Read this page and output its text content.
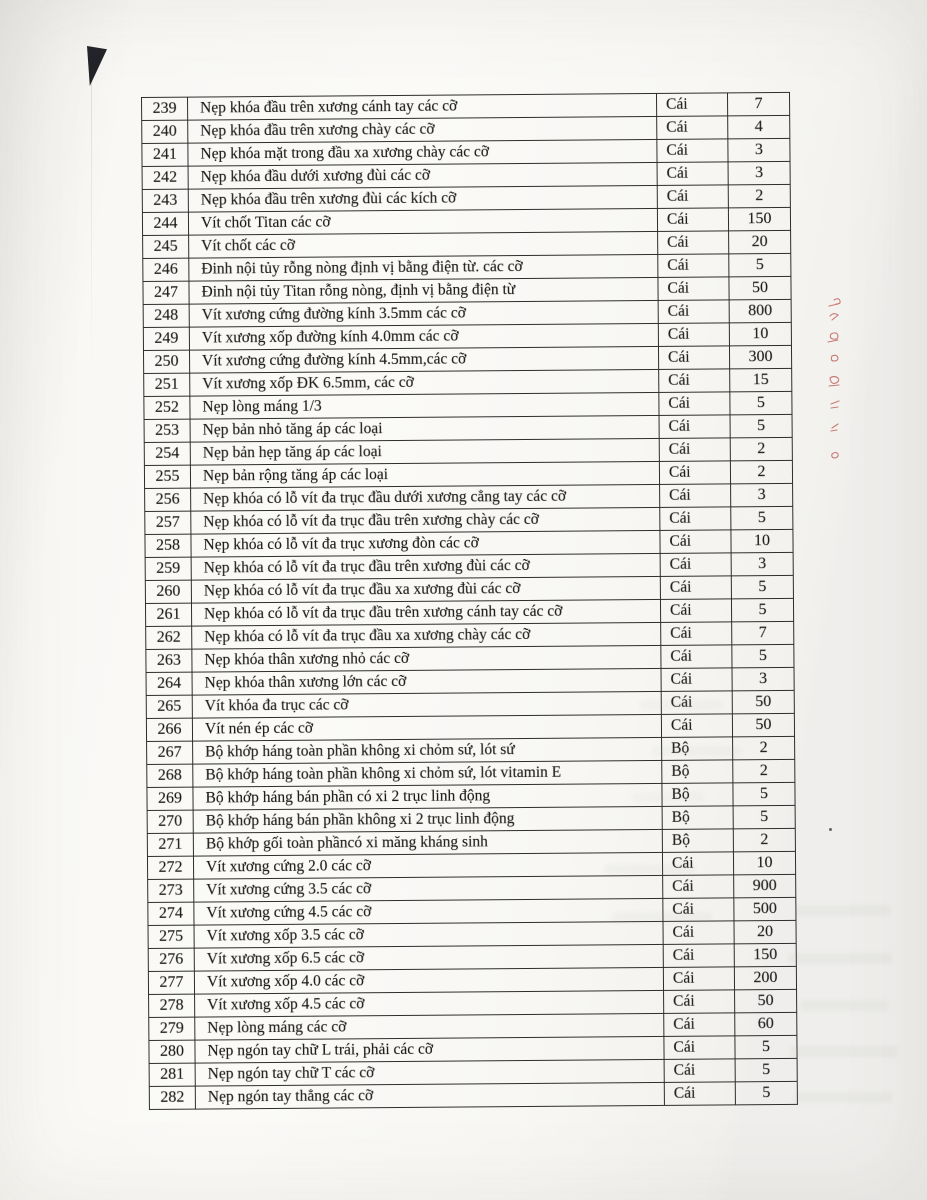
239	Nẹp khóa đầu trên xương cánh tay các cỡ	Cái	7
240	Nẹp khóa đầu trên xương chày các cỡ	Cái	4
241	Nẹp khóa mặt trong đầu xa xương chày các cỡ	Cái	3
242	Nẹp khóa đầu dưới xương đùi các cỡ	Cái	3
243	Nẹp khóa đầu trên xương đùi các kích cỡ	Cái	2
244	Vít chốt Titan các cỡ	Cái	150
245	Vít chốt các cỡ	Cái	20
246	Đinh nội tủy rỗng nòng định vị bằng điện từ. các cỡ	Cái	5
247	Đinh nội tủy Titan rỗng nòng, định vị bằng điện từ	Cái	50
248	Vít xương cứng đường kính 3.5mm các cỡ	Cái	800
249	Vít xương xốp đường kính 4.0mm các cỡ	Cái	10
250	Vít xương cứng đường kính 4.5mm,các cỡ	Cái	300
251	Vít xương xốp ĐK 6.5mm, các cỡ	Cái	15
252	Nẹp lòng máng 1/3	Cái	5
253	Nẹp bản nhỏ tăng áp các loại	Cái	5
254	Nẹp bản hẹp tăng áp các loại	Cái	2
255	Nẹp bản rộng tăng áp các loại	Cái	2
256	Nẹp khóa có lỗ vít đa trục đầu dưới xương cẳng tay các cỡ	Cái	3
257	Nẹp khóa có lỗ vít đa trục đầu trên xương chày các cỡ	Cái	5
258	Nẹp khóa có lỗ vít đa trục xương đòn các cỡ	Cái	10
259	Nẹp khóa có lỗ vít đa trục đầu trên xương đùi các cỡ	Cái	3
260	Nẹp khóa có lỗ vít đa trục đầu xa xương đùi các cỡ	Cái	5
261	Nẹp khóa có lỗ vít đa trục đầu trên xương cánh tay các cỡ	Cái	5
262	Nẹp khóa có lỗ vít đa trục đầu xa xương chày các cỡ	Cái	7
263	Nẹp khóa thân xương nhỏ các cỡ	Cái	5
264	Nẹp khóa thân xương lớn các cỡ	Cái	3
265	Vít khóa đa trục các cỡ	Cái	50
266	Vít nén ép các cỡ	Cái	50
267	Bộ khớp háng toàn phần không xi chỏm sứ, lót sứ	Bộ	2
268	Bộ khớp háng toàn phần không xi chỏm sứ, lót vitamin E	Bộ	2
269	Bộ khớp háng bán phần có xi 2 trục linh động	Bộ	5
270	Bộ khớp háng bán phần không xi 2 trục linh động	Bộ	5
271	Bộ khớp gối toàn phầncó xi măng kháng sinh	Bộ	2
272	Vít xương cứng 2.0 các cỡ	Cái	10
273	Vít xương cứng 3.5 các cỡ	Cái	900
274	Vít xương cứng 4.5 các cỡ	Cái	500
275	Vít xương xốp 3.5 các cỡ	Cái	20
276	Vít xương xốp 6.5 các cỡ	Cái	150
277	Vít xương xốp 4.0 các cỡ	Cái	200
278	Vít xương xốp 4.5 các cỡ	Cái	50
279	Nẹp lòng máng các cỡ	Cái	60
280	Nẹp ngón tay chữ L trái, phải các cỡ	Cái	5
281	Nẹp ngón tay chữ T các cỡ	Cái	5
282	Nẹp ngón tay thẳng các cỡ	Cái	5
